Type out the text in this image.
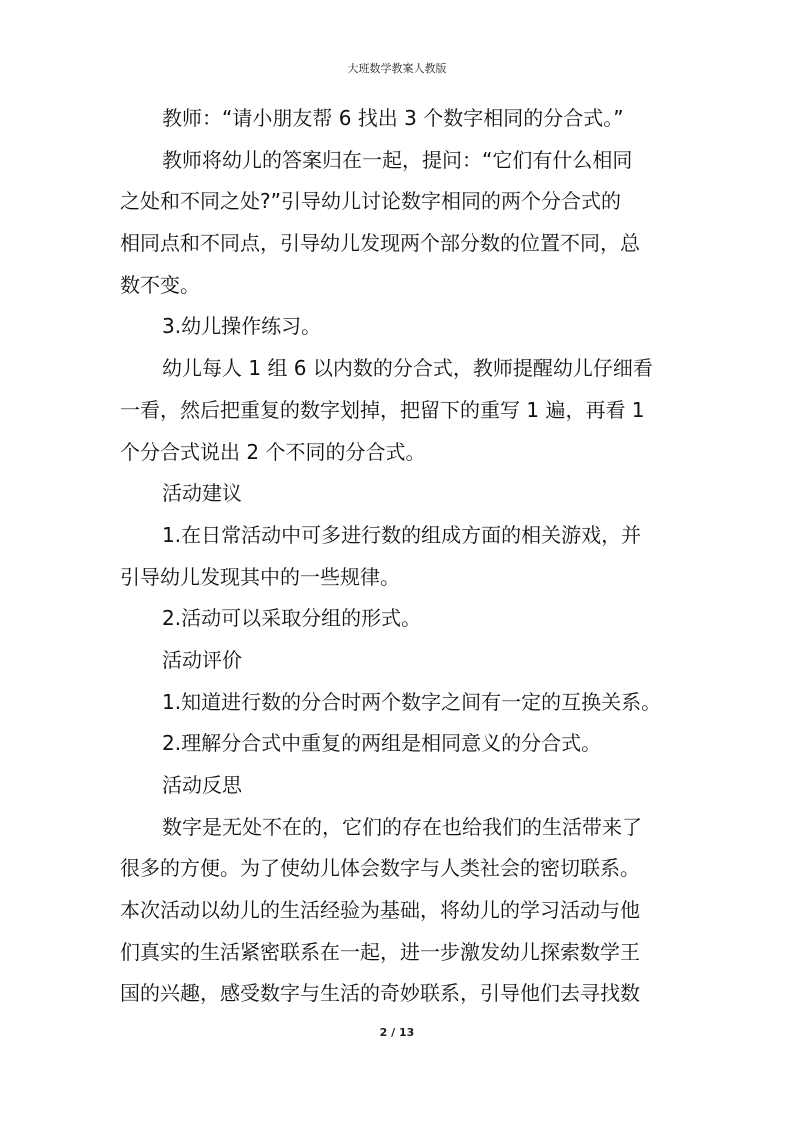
大班数学教案人教版
教师：“请小朋友帮 6 找出 3 个数字相同的分合式。”
教师将幼儿的答案归在一起，提问：“它们有什么相同
之处和不同之处?”引导幼儿讨论数字相同的两个分合式的
相同点和不同点，引导幼儿发现两个部分数的位置不同，总
数不变。
3.幼儿操作练习。
幼儿每人 1 组 6 以内数的分合式，教师提醒幼儿仔细看
一看，然后把重复的数字划掉，把留下的重写 1 遍，再看 1
个分合式说出 2 个不同的分合式。
活动建议
1.在日常活动中可多进行数的组成方面的相关游戏，并
引导幼儿发现其中的一些规律。
2.活动可以采取分组的形式。
活动评价
1.知道进行数的分合时两个数字之间有一定的互换关系。
2.理解分合式中重复的两组是相同意义的分合式。
活动反思
数字是无处不在的，它们的存在也给我们的生活带来了
很多的方便。为了使幼儿体会数字与人类社会的密切联系。
本次活动以幼儿的生活经验为基础，将幼儿的学习活动与他
们真实的生活紧密联系在一起，进一步激发幼儿探索数学王
国的兴趣，感受数字与生活的奇妙联系，引导他们去寻找数
2 / 13
